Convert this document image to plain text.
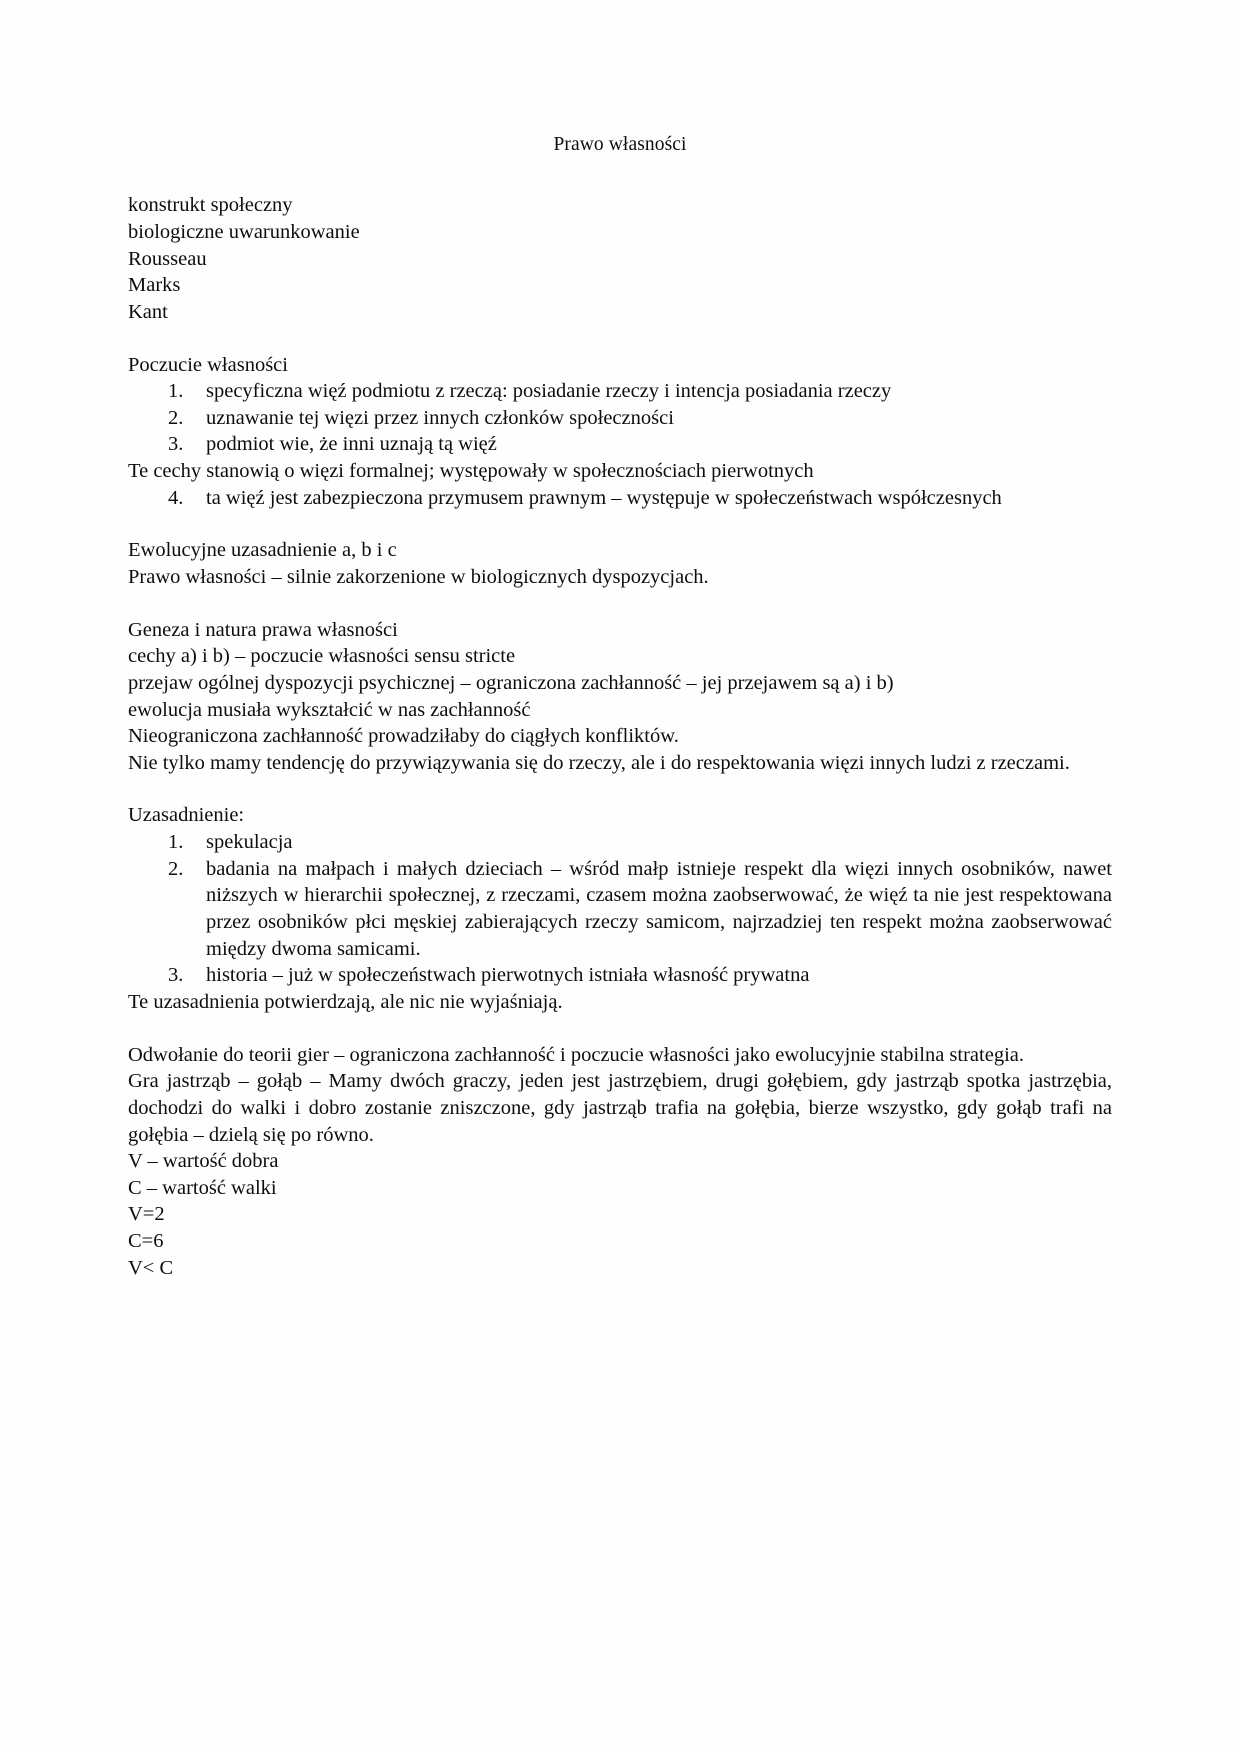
Prawo własności

konstrukt społeczny

biologiczne uwarunkowanie

Rousseau

Marks

Kant

Poczucie własności

1.	specyficzna więź podmiotu z rzeczą: posiadanie rzeczy i intencja posiadania rzeczy
2.	uznawanie tej więzi przez innych członków społeczności
3.	podmiot wie, że inni uznają tą więź

Te cechy stanowią o więzi formalnej; występowały w społecznościach pierwotnych

4.	ta więź jest zabezpieczona przymusem prawnym – występuje w społeczeństwach współczesnych

Ewolucyjne uzasadnienie a, b i c

Prawo własności – silnie zakorzenione w biologicznych dyspozycjach.

Geneza i natura prawa własności

cechy a) i b) – poczucie własności sensu stricte

przejaw ogólnej dyspozycji psychicznej – ograniczona zachłanność – jej przejawem są a) i b)

ewolucja musiała wykształcić w nas zachłanność

Nieograniczona zachłanność prowadziłaby do ciągłych konfliktów.

Nie tylko mamy tendencję do przywiązywania się do rzeczy, ale i do respektowania więzi innych ludzi z rzeczami.

Uzasadnienie:

1.	spekulacja
2.	badania na małpach i małych dzieciach – wśród małp istnieje respekt dla więzi innych osobników, nawet niższych w hierarchii społecznej, z rzeczami, czasem można zaobserwować, że więź ta nie jest respektowana przez osobników płci męskiej zabierających rzeczy samicom, najrzadziej ten respekt można zaobserwować między dwoma samicami.
3.	historia – już w społeczeństwach pierwotnych istniała własność prywatna

Te uzasadnienia potwierdzają, ale nic nie wyjaśniają.

Odwołanie do teorii gier – ograniczona zachłanność i poczucie własności jako ewolucyjnie stabilna strategia.

Gra jastrząb – gołąb – Mamy dwóch graczy, jeden jest jastrzębiem, drugi gołębiem, gdy jastrząb spotka jastrzębia, dochodzi do walki i dobro zostanie zniszczone, gdy jastrząb trafia na gołębia, bierze wszystko, gdy gołąb trafi na gołębia – dzielą się po równo.

V – wartość dobra

C – wartość walki

V=2

C=6

V< C
